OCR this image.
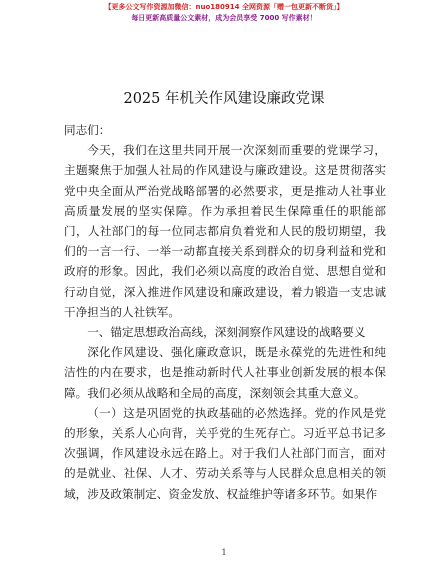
【更多公文写作资源加微信：nuo180914 全网资源「赠一包更新不断货」】
每日更新高质量公文素材，成为会员享受 7000 写作素材！
2025 年机关作风建设廉政党课

同志们：

今天，我们在这里共同开展一次深刻而重要的党课学习，主题聚焦于加强人社局的作风建设与廉政建设。这是贯彻落实党中央全面从严治党战略部署的必然要求，更是推动人社事业高质量发展的坚实保障。作为承担着民生保障重任的职能部门，人社部门的每一位同志都肩负着党和人民的殷切期望，我们的一言一行、一举一动都直接关系到群众的切身利益和党和政府的形象。因此，我们必须以高度的政治自觉、思想自觉和行动自觉，深入推进作风建设和廉政建设，着力锻造一支忠诚干净担当的人社铁军。

一、锚定思想政治高线，深刻洞察作风建设的战略要义

深化作风建设、强化廉政意识，既是永葆党的先进性和纯洁性的内在要求，也是推动新时代人社事业创新发展的根本保障。我们必须从战略和全局的高度，深刻领会其重大意义。

（一）这是巩固党的执政基础的必然选择。党的作风是党的形象，关系人心向背，关乎党的生死存亡。习近平总书记多次强调，作风建设永远在路上。对于我们人社部门而言，面对的是就业、社保、人才、劳动关系等与人民群众息息相关的领域，涉及政策制定、资金发放、权益维护等诸多环节。如果作

1
